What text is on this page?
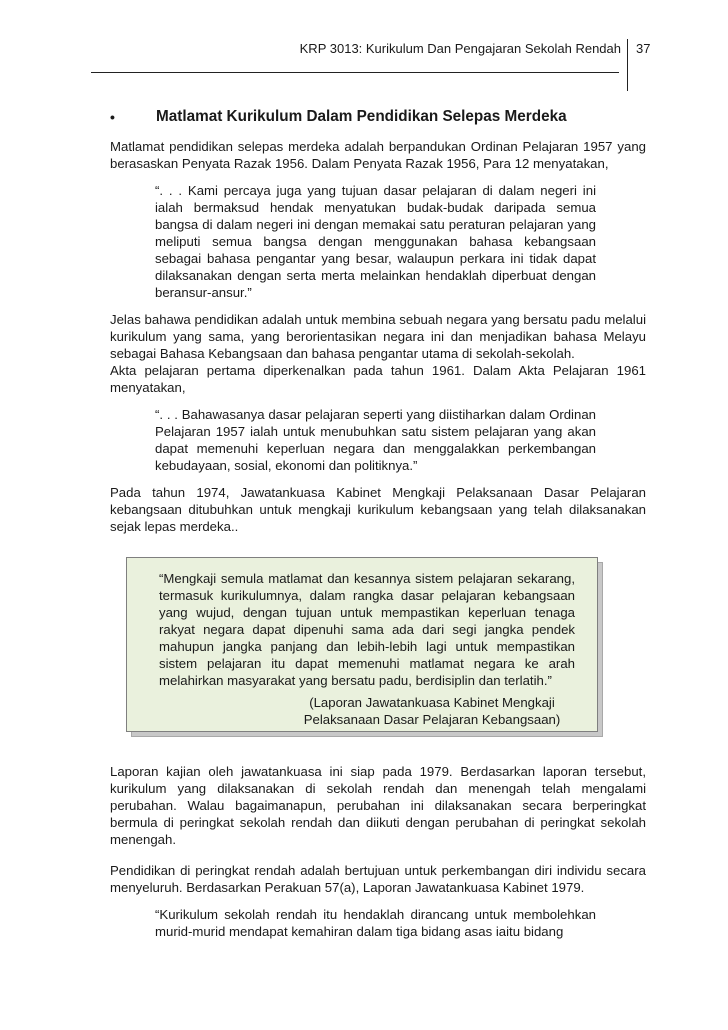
KRP 3013: Kurikulum Dan Pengajaran Sekolah Rendah 37
•	Matlamat Kurikulum Dalam Pendidikan Selepas Merdeka

Matlamat pendidikan selepas merdeka adalah berpandukan Ordinan Pelajaran 1957 yang berasaskan Penyata Razak 1956. Dalam Penyata Razak 1956, Para 12 menyatakan,

“. . . Kami percaya juga yang tujuan dasar pelajaran di dalam negeri ini ialah bermaksud hendak menyatukan budak-budak daripada semua bangsa di dalam negeri ini dengan memakai satu peraturan pelajaran yang meliputi semua bangsa dengan menggunakan bahasa kebangsaan sebagai bahasa pengantar yang besar, walaupun perkara ini tidak dapat dilaksanakan dengan serta merta melainkan hendaklah diperbuat dengan beransur-ansur.”

Jelas bahawa pendidikan adalah untuk membina sebuah negara yang bersatu padu melalui kurikulum yang sama, yang berorientasikan negara ini dan menjadikan bahasa Melayu sebagai Bahasa Kebangsaan dan bahasa pengantar utama di sekolah-sekolah.

Akta pelajaran pertama diperkenalkan pada tahun 1961. Dalam Akta Pelajaran 1961 menyatakan,

“. . . Bahawasanya dasar pelajaran seperti yang diistiharkan dalam Ordinan Pelajaran 1957 ialah untuk menubuhkan satu sistem pelajaran yang akan dapat memenuhi keperluan negara dan menggalakkan perkembangan kebudayaan, sosial, ekonomi dan politiknya.”

Pada tahun 1974, Jawatankuasa Kabinet Mengkaji Pelaksanaan Dasar Pelajaran kebangsaan ditubuhkan untuk mengkaji kurikulum kebangsaan yang telah dilaksanakan sejak lepas merdeka..

“Mengkaji semula matlamat dan kesannya sistem pelajaran sekarang, termasuk kurikulumnya, dalam rangka dasar pelajaran kebangsaan yang wujud, dengan tujuan untuk mempastikan keperluan tenaga rakyat negara dapat dipenuhi sama ada dari segi jangka pendek mahupun jangka panjang dan lebih-lebih lagi untuk mempastikan sistem pelajaran itu dapat memenuhi matlamat negara ke arah melahirkan masyarakat yang bersatu padu, berdisiplin dan terlatih.”
(Laporan Jawatankuasa Kabinet Mengkaji
Pelaksanaan Dasar Pelajaran Kebangsaan)

Laporan kajian oleh jawatankuasa ini siap pada 1979. Berdasarkan laporan tersebut, kurikulum yang dilaksanakan di sekolah rendah dan menengah telah mengalami perubahan. Walau bagaimanapun, perubahan ini dilaksanakan secara berperingkat bermula di peringkat sekolah rendah dan diikuti dengan perubahan di peringkat sekolah menengah.

Pendidikan di peringkat rendah adalah bertujuan untuk perkembangan diri individu secara menyeluruh. Berdasarkan Perakuan 57(a), Laporan Jawatankuasa Kabinet 1979.

“Kurikulum sekolah rendah itu hendaklah dirancang untuk membolehkan murid-murid mendapat kemahiran dalam tiga bidang asas iaitu bidang
